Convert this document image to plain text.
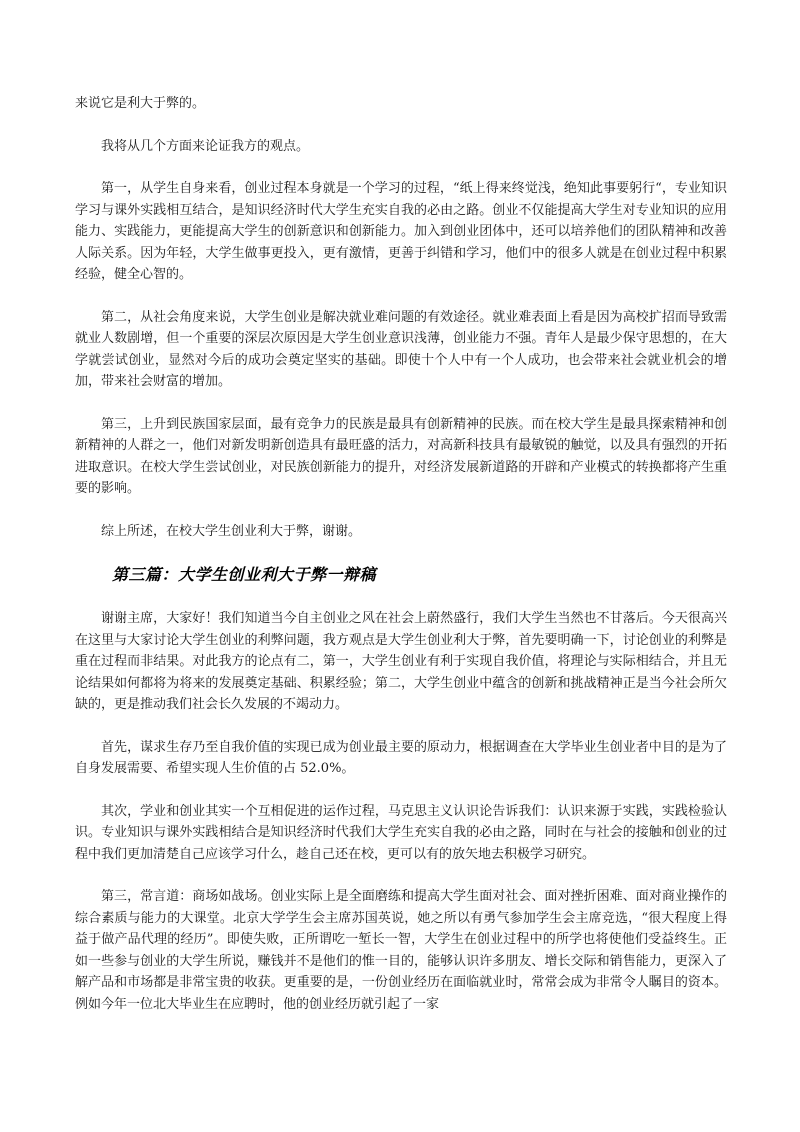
来说它是利大于弊的。

我将从几个方面来论证我方的观点。

第一，从学生自身来看，创业过程本身就是一个学习的过程，“纸上得来终觉浅，绝知此事要躬行“，专业知识学习与课外实践相互结合，是知识经济时代大学生充实自我的必由之路。创业不仅能提高大学生对专业知识的应用能力、实践能力，更能提高大学生的创新意识和创新能力。加入到创业团体中，还可以培养他们的团队精神和改善人际关系。因为年轻，大学生做事更投入，更有激情，更善于纠错和学习，他们中的很多人就是在创业过程中积累经验，健全心智的。

第二，从社会角度来说，大学生创业是解决就业难问题的有效途径。就业难表面上看是因为高校扩招而导致需就业人数剧增，但一个重要的深层次原因是大学生创业意识浅薄，创业能力不强。青年人是最少保守思想的，在大学就尝试创业，显然对今后的成功会奠定坚实的基础。即使十个人中有一个人成功，也会带来社会就业机会的增加，带来社会财富的增加。

第三，上升到民族国家层面，最有竞争力的民族是最具有创新精神的民族。而在校大学生是最具探索精神和创新精神的人群之一，他们对新发明新创造具有最旺盛的活力，对高新科技具有最敏锐的触觉，以及具有强烈的开拓进取意识。在校大学生尝试创业，对民族创新能力的提升，对经济发展新道路的开辟和产业模式的转换都将产生重要的影响。

综上所述，在校大学生创业利大于弊，谢谢。

第三篇：大学生创业利大于弊一辩稿

谢谢主席，大家好！我们知道当今自主创业之风在社会上蔚然盛行，我们大学生当然也不甘落后。今天很高兴在这里与大家讨论大学生创业的利弊问题，我方观点是大学生创业利大于弊，首先要明确一下，讨论创业的利弊是重在过程而非结果。对此我方的论点有二，第一，大学生创业有利于实现自我价值，将理论与实际相结合，并且无论结果如何都将为将来的发展奠定基础、积累经验；第二，大学生创业中蕴含的创新和挑战精神正是当今社会所欠缺的，更是推动我们社会长久发展的不竭动力。

首先，谋求生存乃至自我价值的实现已成为创业最主要的原动力，根据调查在大学毕业生创业者中目的是为了自身发展需要、希望实现人生价值的占 52.0%。

其次，学业和创业其实一个互相促进的运作过程，马克思主义认识论告诉我们：认识来源于实践，实践检验认识。专业知识与课外实践相结合是知识经济时代我们大学生充实自我的必由之路，同时在与社会的接触和创业的过程中我们更加清楚自己应该学习什么，趁自己还在校，更可以有的放矢地去积极学习研究。

第三，常言道：商场如战场。创业实际上是全面磨练和提高大学生面对社会、面对挫折困难、面对商业操作的综合素质与能力的大课堂。北京大学学生会主席苏国英说，她之所以有勇气参加学生会主席竞选，“很大程度上得益于做产品代理的经历”。即使失败，正所谓吃一堑长一智，大学生在创业过程中的所学也将使他们受益终生。正如一些参与创业的大学生所说，赚钱并不是他们的惟一目的，能够认识许多朋友、增长交际和销售能力，更深入了解产品和市场都是非常宝贵的收获。更重要的是，一份创业经历在面临就业时，常常会成为非常令人瞩目的资本。例如今年一位北大毕业生在应聘时，他的创业经历就引起了一家
